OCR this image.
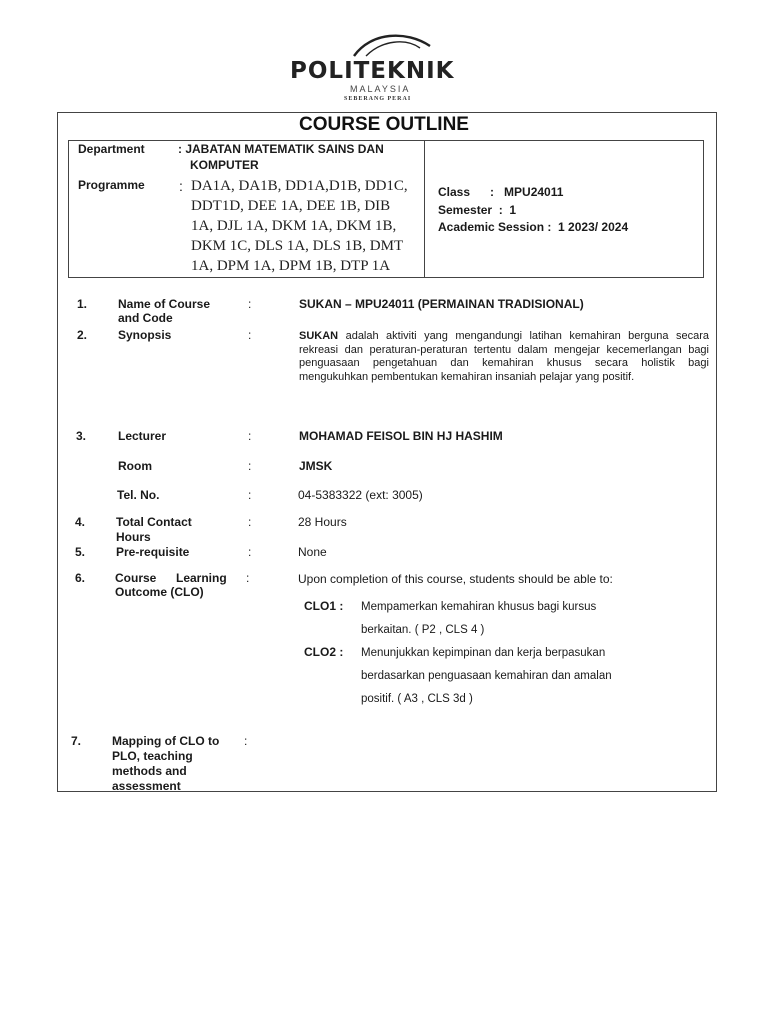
POLITEKNIK
MALAYSIA
SEBERANG PERAI
COURSE OUTLINE
Department	: JABATAN MATEMATIK SAINS DAN
KOMPUTER
Programme : DA1A, DA1B, DD1A,D1B, DD1C,
DDT1D, DEE 1A, DEE 1B, DIB
1A, DJL 1A, DKM 1A, DKM 1B,
DKM 1C, DLS 1A, DLS 1B, DMT
1A, DPM 1A, DPM 1B, DTP 1A
Class      :   MPU24011
Semester  :  1
Academic Session :  1 2023/ 2024
1.	Name of Course
and Code
:	SUKAN – MPU24011 (PERMAINAN TRADISIONAL)
2.	Synopsis	:	SUKAN adalah aktiviti yang mengandungi latihan kemahiran berguna secara rekreasi dan peraturan-peraturan tertentu dalam mengejar kecemerlangan bagi penguasaan pengetahuan dan kemahiran khusus secara holistik bagi mengukuhkan pembentukan kemahiran insaniah pelajar yang positif.
3.	Lecturer	:	MOHAMAD FEISOL BIN HJ HASHIM
Room	:	JMSK
Tel. No.	:	04-5383322 (ext: 3005)
4.	Total Contact
Hours
:	28 Hours
5.	Pre-requisite	:	None
6. Course Learning
Outcome (CLO)
:	Upon completion of this course, students should be able to:
CLO1 : Mempamerkan kemahiran khusus bagi kursus
berkaitan. ( P2 , CLS 4 )
CLO2 : Menunjukkan kepimpinan dan kerja berpasukan
berdasarkan penguasaan kemahiran dan amalan
positif. ( A3 , CLS 3d )
7.	Mapping of CLO to
PLO, teaching
methods and
assessment
:
